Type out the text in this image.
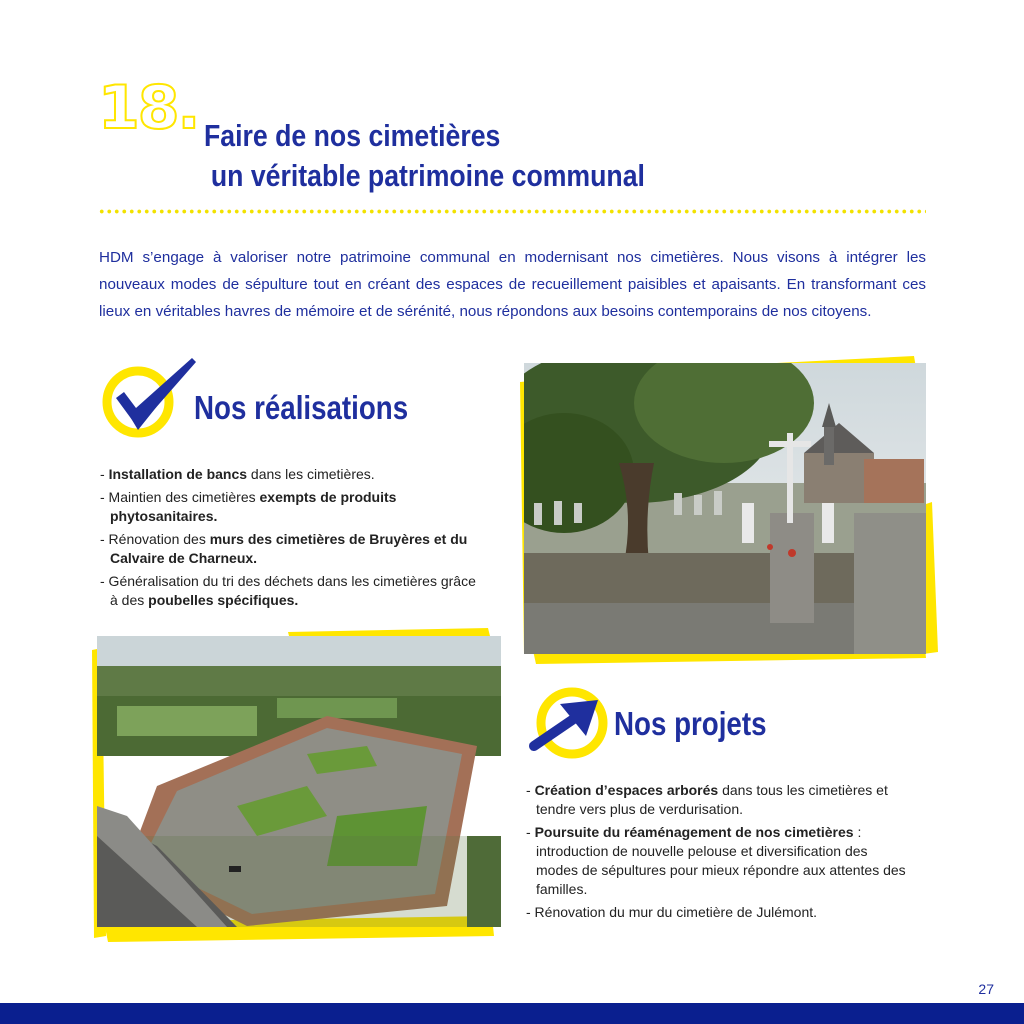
18. Faire de nos cimetières
un véritable patrimoine communal
HDM s’engage à valoriser notre patrimoine communal en modernisant nos cimetières. Nous visons à intégrer les nouveaux modes de sépulture tout en créant des espaces de recueillement paisibles et apaisants. En transformant ces lieux en véritables havres de mémoire et de sérénité, nous répondons aux besoins contemporains de nos citoyens.
Nos réalisations
- Installation de bancs dans les cimetières.
- Maintien des cimetières exempts de produits phytosanitaires.
- Rénovation des murs des cimetières de Bruyères et du Calvaire de Charneux.
- Généralisation du tri des déchets dans les cimetières grâce à des poubelles spécifiques.
Nos projets
- Création d’espaces arborés dans tous les cimetières et tendre vers plus de verdurisation.
- Poursuite du réaménagement de nos cimetières : introduction de nouvelle pelouse et diversification des modes de sépultures pour mieux répondre aux attentes des familles.
- Rénovation du mur du cimetière de Julémont.
27
